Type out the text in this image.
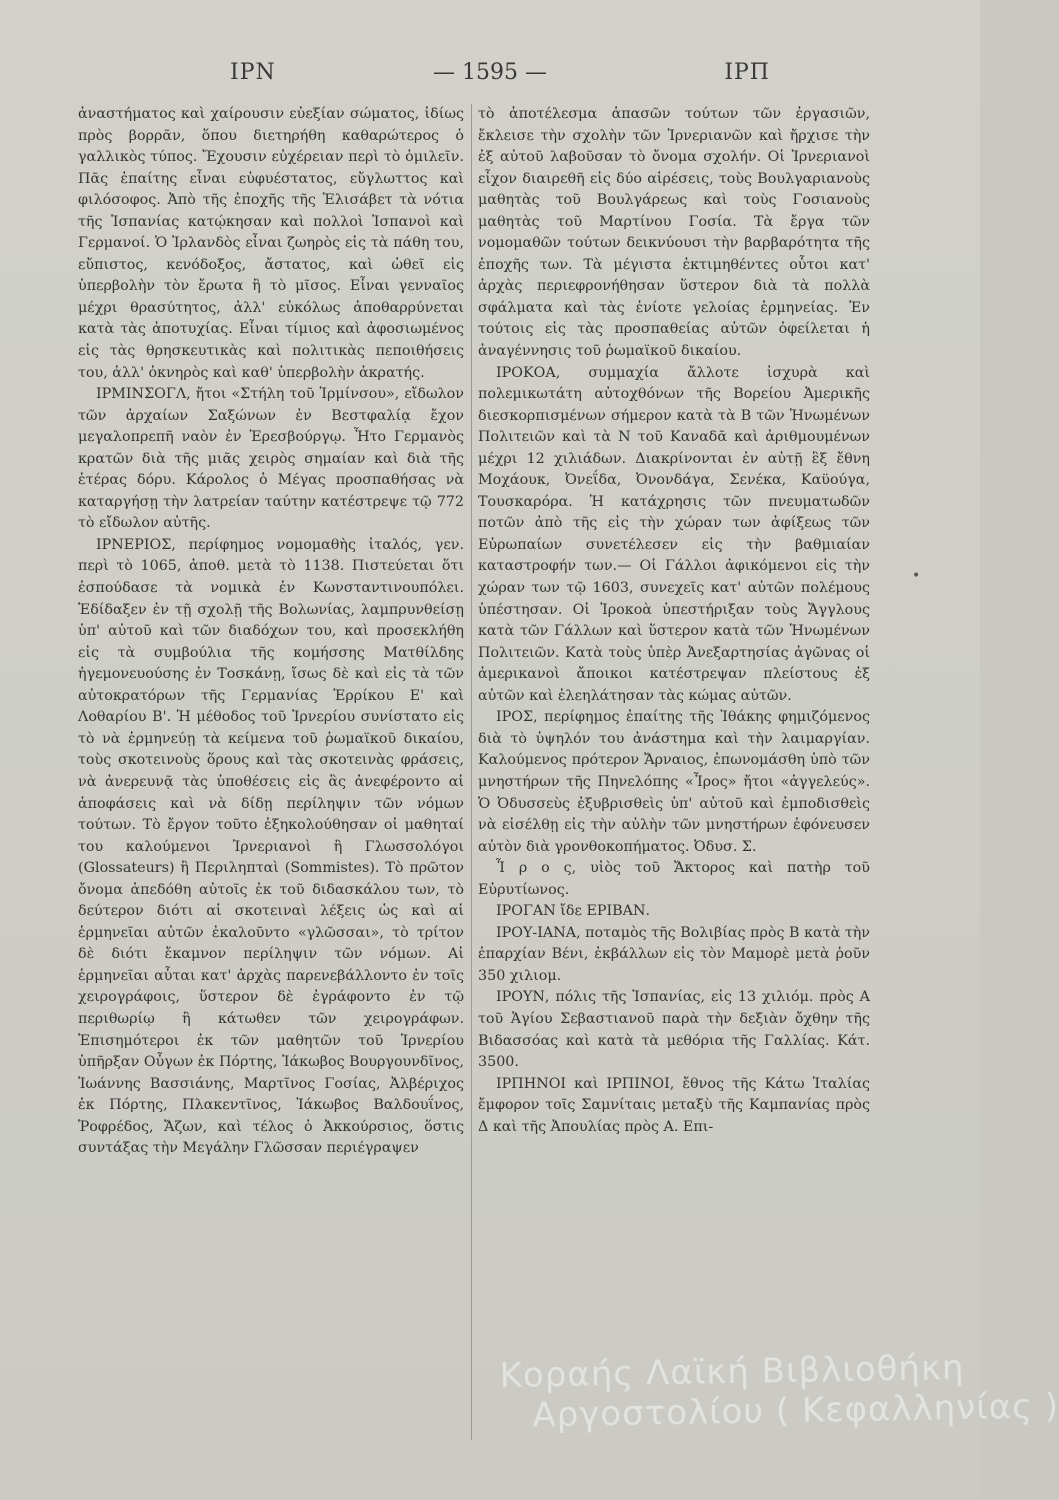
ΙΡΝ	— 1595 —	ΙΡΠ

ἀναστήματος καὶ χαίρουσιν εὐεξίαν σώματος, ἰδίως πρὸς βορρᾶν, ὅπου διετηρήθη καθαρώτερος ὁ γαλλικὸς τύπος. Ἔχουσιν εὐχέρειαν περὶ τὸ ὁμιλεῖν. Πᾶς ἐπαίτης εἶναι εὐφυέστατος, εὔγλωττος καὶ φιλόσοφος. Ἀπὸ τῆς ἐποχῆς τῆς Ἐλισάβετ τὰ νότια τῆς Ἱσπανίας κατῴκησαν καὶ πολλοὶ Ἱσπανοὶ καὶ Γερμανοί. Ὁ Ἰρλανδὸς εἶναι ζωηρὸς εἰς τὰ πάθη του, εὔπιστος, κενόδοξος, ἄστατος, καὶ ὠθεῖ εἰς ὑπερβολὴν τὸν ἔρωτα ἢ τὸ μῖσος. Εἶναι γενναῖος μέχρι θρασύτητος, ἀλλ' εὐκόλως ἀποθαρρύνεται κατὰ τὰς ἀποτυχίας. Εἶναι τίμιος καὶ ἀφοσιωμένος εἰς τὰς θρησκευτικὰς καὶ πολιτικὰς πεποιθήσεις του, ἀλλ' ὀκνηρὸς καὶ καθ' ὑπερβολὴν ἀκρατής.

ΙΡΜΙΝΣΟΓΛ, ἤτοι «Στήλη τοῦ Ἰρμίνσου», εἴδωλον τῶν ἀρχαίων Σαξώνων ἐν Βεστφαλίᾳ ἔχον μεγαλοπρεπῆ ναὸν ἐν Ἐρεσβούργῳ. Ἦτο Γερμανὸς κρατῶν διὰ τῆς μιᾶς χειρὸς σημαίαν καὶ διὰ τῆς ἑτέρας δόρυ. Κάρολος ὁ Μέγας προσπαθήσας νὰ καταργήσῃ τὴν λατρείαν ταύτην κατέστρεψε τῷ 772 τὸ εἴδωλον αὐτῆς.

ΙΡΝΕΡΙΟΣ, περίφημος νομομαθὴς ἰταλός, γεν. περὶ τὸ 1065, ἀποθ. μετὰ τὸ 1138. Πιστεύεται ὅτι ἐσπούδασε τὰ νομικὰ ἐν Κωνσταντινουπόλει. Ἐδίδαξεν ἐν τῇ σχολῇ τῆς Βολωνίας, λαμπρυνθείσῃ ὑπ' αὐτοῦ καὶ τῶν διαδόχων του, καὶ προσεκλήθη εἰς τὰ συμβούλια τῆς κομήσσης Ματθίλδης ἡγεμονευούσης ἐν Τοσκάνῃ, ἴσως δὲ καὶ εἰς τὰ τῶν αὐτοκρατόρων τῆς Γερμανίας Ἑρρίκου Ε' καὶ Λοθαρίου Β'. Ἡ μέθοδος τοῦ Ἰρνερίου συνίστατο εἰς τὸ νὰ ἑρμηνεύῃ τὰ κείμενα τοῦ ῥωμαϊκοῦ δικαίου, τοὺς σκοτεινοὺς ὅρους καὶ τὰς σκοτεινὰς φράσεις, νὰ ἀνερευνᾷ τὰς ὑποθέσεις εἰς ἃς ἀνεφέροντο αἱ ἀποφάσεις καὶ νὰ δίδῃ περίληψιν τῶν νόμων τούτων. Τὸ ἔργον τοῦτο ἐξηκολούθησαν οἱ μαθηταί του καλούμενοι Ἰρνεριανοὶ ἢ Γλωσσολόγοι (Glossateurs) ἢ Περιληπταὶ (Sommistes). Τὸ πρῶτον ὄνομα ἀπεδόθη αὐτοῖς ἐκ τοῦ διδασκάλου των, τὸ δεύτερον διότι αἱ σκοτειναὶ λέξεις ὡς καὶ αἱ ἑρμηνεῖαι αὐτῶν ἐκαλοῦντο «γλῶσσαι», τὸ τρίτον δὲ διότι ἔκαμνον περίληψιν τῶν νόμων. Αἱ ἑρμηνεῖαι αὗται κατ' ἀρχὰς παρενεβάλλοντο ἐν τοῖς χειρογράφοις, ὕστερον δὲ ἐγράφοντο ἐν τῷ περιθωρίῳ ἢ κάτωθεν τῶν χειρογράφων. Ἐπισημότεροι ἐκ τῶν μαθητῶν τοῦ Ἰρνερίου ὑπῆρξαν Οὖγων ἐκ Πόρτης, Ἰάκωβος Βουργουνδῖνος, Ἰωάννης Βασσιάνης, Μαρτῖνος Γοσίας, Ἀλβέριχος ἐκ Πόρτης, Πλακεντῖνος, Ἰάκωβος Βαλδουΐνος, Ῥοφρέδος, Ἄζων, καὶ τέλος ὁ Ἀκκούρσιος, ὅστις συντάξας τὴν Μεγάλην Γλῶσσαν περιέγραψεν

τὸ ἀποτέλεσμα ἁπασῶν τούτων τῶν ἐργασιῶν, ἔκλεισε τὴν σχολὴν τῶν Ἰρνεριανῶν καὶ ἤρχισε τὴν ἐξ αὐτοῦ λαβοῦσαν τὸ ὄνομα σχολήν. Οἱ Ἰρνεριανοὶ εἶχον διαιρεθῆ εἰς δύο αἱρέσεις, τοὺς Βουλγαριανοὺς μαθητὰς τοῦ Βουλγάρεως καὶ τοὺς Γοσιανοὺς μαθητὰς τοῦ Μαρτίνου Γοσία. Τὰ ἔργα τῶν νομομαθῶν τούτων δεικνύουσι τὴν βαρβαρότητα τῆς ἐποχῆς των. Τὰ μέγιστα ἐκτιμηθέντες οὗτοι κατ' ἀρχὰς περιεφρονήθησαν ὕστερον διὰ τὰ πολλὰ σφάλματα καὶ τὰς ἐνίοτε γελοίας ἑρμηνείας. Ἐν τούτοις εἰς τὰς προσπαθείας αὐτῶν ὀφείλεται ἡ ἀναγέννησις τοῦ ῥωμαϊκοῦ δικαίου.

ΙΡΟΚΟΑ, συμμαχία ἄλλοτε ἰσχυρὰ καὶ πολεμικωτάτη αὐτοχθόνων τῆς Βορείου Ἀμερικῆς διεσκορπισμένων σήμερον κατὰ τὰ Β τῶν Ἡνωμένων Πολιτειῶν καὶ τὰ Ν τοῦ Καναδᾶ καὶ ἀριθμουμένων μέχρι 12 χιλιάδων. Διακρίνονται ἐν αὐτῇ ἓξ ἔθνη Μοχάουκ, Ὀνεΐδα, Ὀνονδάγα, Σενέκα, Καϋούγα, Τουσκαρόρα. Ἡ κατάχρησις τῶν πνευματωδῶν ποτῶν ἀπὸ τῆς εἰς τὴν χώραν των ἀφίξεως τῶν Εὐρωπαίων συνετέλεσεν εἰς τὴν βαθμιαίαν καταστροφήν των.— Οἱ Γάλλοι ἀφικόμενοι εἰς τὴν χώραν των τῷ 1603, συνεχεῖς κατ' αὐτῶν πολέμους ὑπέστησαν. Οἱ Ἰροκοὰ ὑπεστήριξαν τοὺς Ἄγγλους κατὰ τῶν Γάλλων καὶ ὕστερον κατὰ τῶν Ἡνωμένων Πολιτειῶν. Κατὰ τοὺς ὑπὲρ Ἀνεξαρτησίας ἀγῶνας οἱ ἀμερικανοὶ ἄποικοι κατέστρεψαν πλείστους ἐξ αὐτῶν καὶ ἐλεηλάτησαν τὰς κώμας αὐτῶν.

ΙΡΟΣ, περίφημος ἐπαίτης τῆς Ἰθάκης φημιζόμενος διὰ τὸ ὑψηλόν του ἀνάστημα καὶ τὴν λαιμαργίαν. Καλούμενος πρότερον Ἄρναιος, ἐπωνομάσθη ὑπὸ τῶν μνηστήρων τῆς Πηνελόπης «Ἶρος» ἤτοι «ἀγγελεύς». Ὁ Ὀδυσσεὺς ἐξυβρισθεὶς ὑπ' αὐτοῦ καὶ ἐμποδισθεὶς νὰ εἰσέλθῃ εἰς τὴν αὐλὴν τῶν μνηστήρων ἐφόνευσεν αὐτὸν διὰ γρονθοκοπήματος. Ὀδυσ. Σ.

Ἶ ρ ο ς, υἱὸς τοῦ Ἄκτορος καὶ πατὴρ τοῦ Εὐρυτίωνος.

ΙΡΟΓΑΝ ἴδε ΕΡΙΒΑΝ.

ΙΡΟΥ-ΙΑΝΑ, ποταμὸς τῆς Βολιβίας πρὸς Β κατὰ τὴν ἐπαρχίαν Βένι, ἐκβάλλων εἰς τὸν Μαμορὲ μετὰ ῥοῦν 350 χιλιομ.

ΙΡΟΥΝ, πόλις τῆς Ἱσπανίας, εἰς 13 χιλιόμ. πρὸς Α τοῦ Ἁγίου Σεβαστιανοῦ παρὰ τὴν δεξιὰν ὄχθην τῆς Βιδασσόας καὶ κατὰ τὰ μεθόρια τῆς Γαλλίας. Κάτ. 3500.

ΙΡΠΗΝΟΙ καὶ ΙΡΠΙΝΟΙ, ἔθνος τῆς Κάτω Ἰταλίας ἔμφορον τοῖς Σαμνίταις μεταξὺ τῆς Καμπανίας πρὸς Δ καὶ τῆς Ἀπουλίας πρὸς Α. Επι-

•
Κοραής Λαϊκή Βιβλιοθήκη
Αργοστολίου ( Κεφαλληνίας )
